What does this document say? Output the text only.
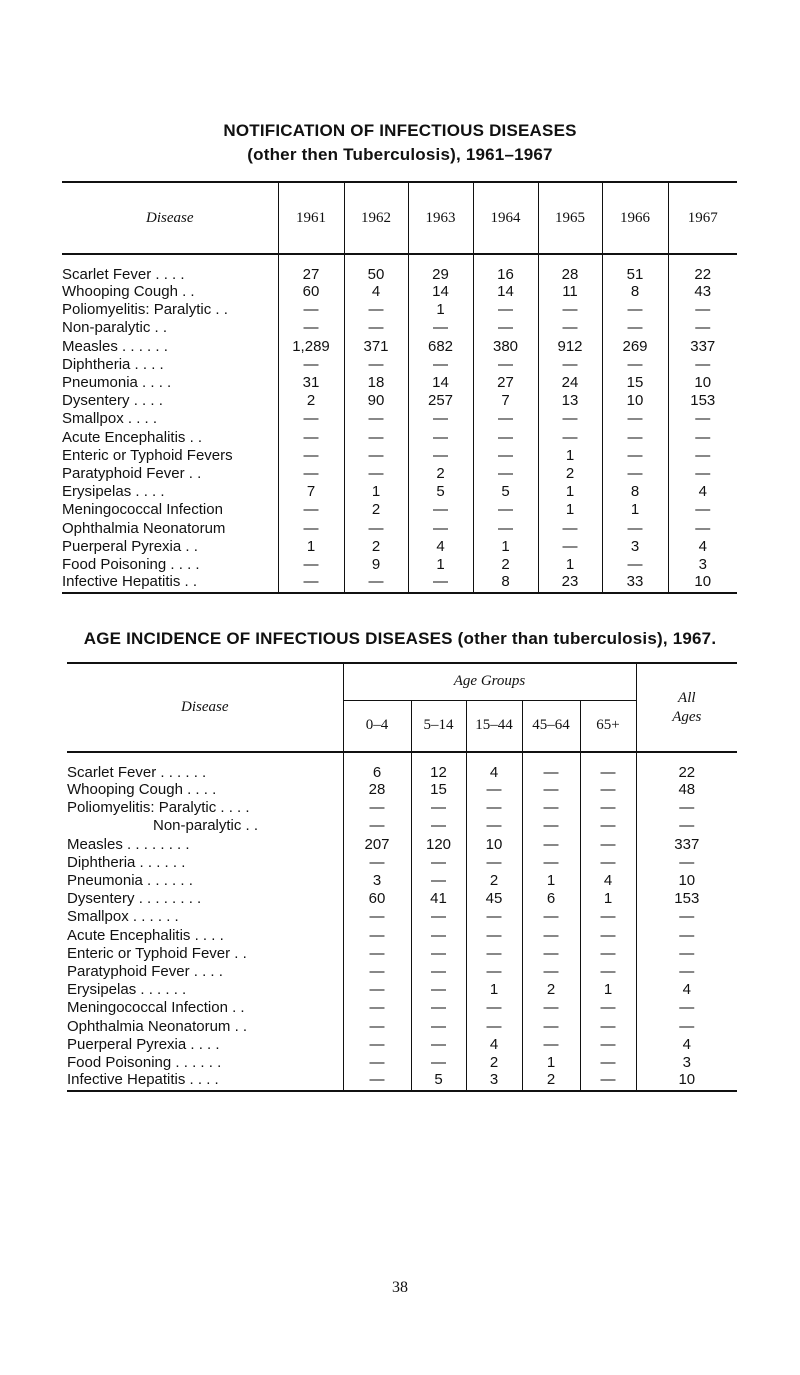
NOTIFICATION OF INFECTIOUS DISEASES
(other then Tuberculosis), 1961–1967
Disease	1961	1962	1963	1964	1965	1966	1967
Scarlet Fever . . . .	27	50	29	16	28	51	22
Whooping Cough . .	60	4	14	14	11	8	43
Poliomyelitis: Paralytic . .	—	—	1	—	—	—	—
Non-paralytic . .	—	—	—	—	—	—	—
Measles . . . . . .	1,289	371	682	380	912	269	337
Diphtheria . . . .	—	—	—	—	—	—	—
Pneumonia . . . .	31	18	14	27	24	15	10
Dysentery . . . .	2	90	257	7	13	10	153
Smallpox . . . .	—	—	—	—	—	—	—
Acute Encephalitis . .	—	—	—	—	—	—	—
Enteric or Typhoid Fevers	—	—	—	—	1	—	—
Paratyphoid Fever . .	—	—	2	—	2	—	—
Erysipelas . . . .	7	1	5	5	1	8	4
Meningococcal Infection	—	2	—	—	1	1	—
Ophthalmia Neonatorum	—	—	—	—	—	—	—
Puerperal Pyrexia . .	1	2	4	1	—	3	4
Food Poisoning . . . .	—	9	1	2	1	—	3
Infective Hepatitis . .	—	—	—	8	23	33	10
AGE INCIDENCE OF INFECTIOUS DISEASES (other than tuberculosis), 1967.
Disease	Age Groups					All
Ages
	0–4	5–14	15–44	45–64	65+	
Scarlet Fever . . . . . .	6	12	4	—	—	22
Whooping Cough . . . .	28	15	—	—	—	48
Poliomyelitis: Paralytic . . . .	—	—	—	—	—	—
Non-paralytic . .	—	—	—	—	—	—
Measles . . . . . . . .	207	120	10	—	—	337
Diphtheria . . . . . .	—	—	—	—	—	—
Pneumonia . . . . . .	3	—	2	1	4	10
Dysentery . . . . . . . .	60	41	45	6	1	153
Smallpox . . . . . .	—	—	—	—	—	—
Acute Encephalitis . . . .	—	—	—	—	—	—
Enteric or Typhoid Fever . .	—	—	—	—	—	—
Paratyphoid Fever . . . .	—	—	—	—	—	—
Erysipelas . . . . . .	—	—	1	2	1	4
Meningococcal Infection . .	—	—	—	—	—	—
Ophthalmia Neonatorum . .	—	—	—	—	—	—
Puerperal Pyrexia . . . .	—	—	4	—	—	4
Food Poisoning . . . . . .	—	—	2	1	—	3
Infective Hepatitis . . . .	—	5	3	2	—	10
38
